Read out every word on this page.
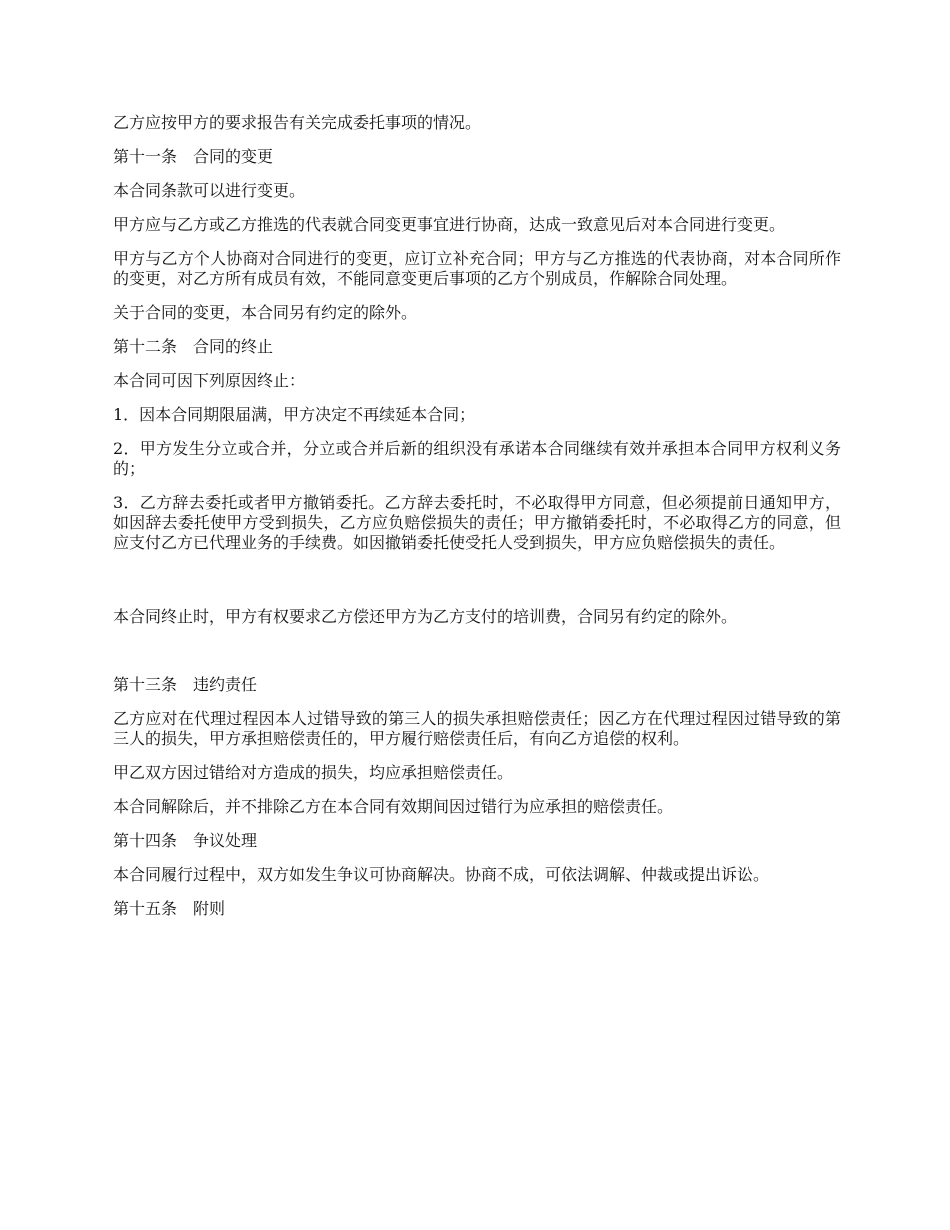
乙方应按甲方的要求报告有关完成委托事项的情况。

第十一条　合同的变更

本合同条款可以进行变更。

甲方应与乙方或乙方推选的代表就合同变更事宜进行协商，达成一致意见后对本合同进行变更。

甲方与乙方个人协商对合同进行的变更，应订立补充合同；甲方与乙方推选的代表协商，对本合同所作的变更，对乙方所有成员有效，不能同意变更后事项的乙方个别成员，作解除合同处理。

关于合同的变更，本合同另有约定的除外。

第十二条　合同的终止

本合同可因下列原因终止：

1．因本合同期限届满，甲方决定不再续延本合同；

2．甲方发生分立或合并，分立或合并后新的组织没有承诺本合同继续有效并承担本合同甲方权利义务的；

3．乙方辞去委托或者甲方撤销委托。乙方辞去委托时，不必取得甲方同意，但必须提前日通知甲方，如因辞去委托使甲方受到损失，乙方应负赔偿损失的责任；甲方撤销委托时，不必取得乙方的同意，但应支付乙方已代理业务的手续费。如因撤销委托使受托人受到损失，甲方应负赔偿损失的责任。

本合同终止时，甲方有权要求乙方偿还甲方为乙方支付的培训费，合同另有约定的除外。

第十三条　违约责任

乙方应对在代理过程因本人过错导致的第三人的损失承担赔偿责任；因乙方在代理过程因过错导致的第三人的损失，甲方承担赔偿责任的，甲方履行赔偿责任后，有向乙方追偿的权利。

甲乙双方因过错给对方造成的损失，均应承担赔偿责任。

本合同解除后，并不排除乙方在本合同有效期间因过错行为应承担的赔偿责任。

第十四条　争议处理

本合同履行过程中，双方如发生争议可协商解决。协商不成，可依法调解、仲裁或提出诉讼。

第十五条　附则
